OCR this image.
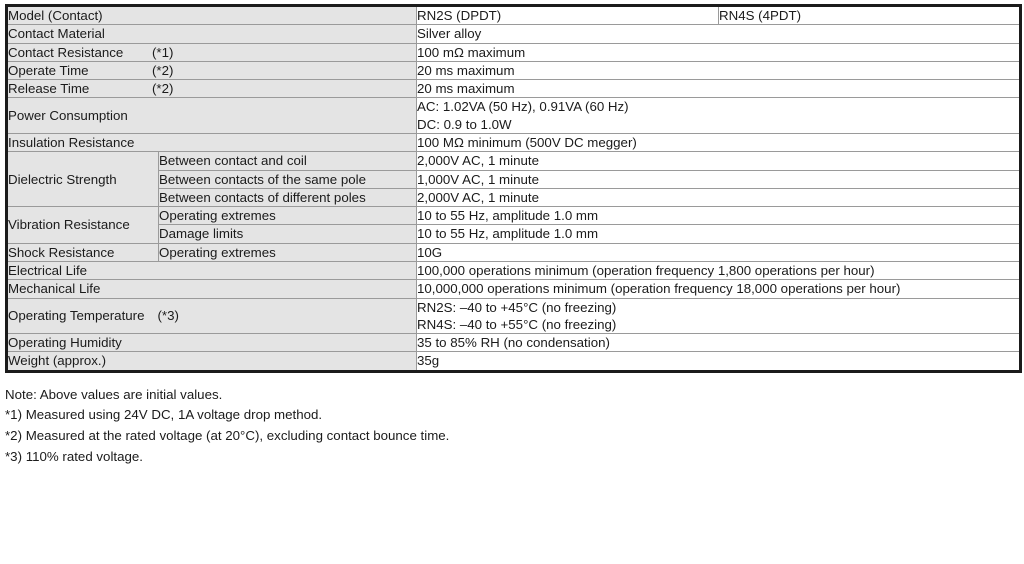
Model (Contact)		RN2S (DPDT)	RN4S (4PDT)
Contact Material		Silver alloy	

Contact Resistance (*1)		100 mΩ maximum	

Operate Time (*2)		20 ms maximum	

Release Time (*2)		20 ms maximum	
Power Consumption		AC: 1.02VA (50 Hz), 0.91VA (60 Hz)
DC: 0.9 to 1.0W	

Insulation Resistance		100 MΩ minimum (500V DC megger)	
Dielectric Strength	Between contact and coil	2,000V AC, 1 minute	
	Between contacts of the same pole	1,000V AC, 1 minute	
	Between contacts of different poles	2,000V AC, 1 minute	
Vibration Resistance	Operating extremes	10 to 55 Hz, amplitude 1.0 mm	
	Damage limits	10 to 55 Hz, amplitude 1.0 mm	
Shock Resistance	Operating extremes	10G	
Electrical Life		100,000 operations minimum (operation frequency 1,800 operations per hour)	
Mechanical Life		10,000,000 operations minimum (operation frequency 18,000 operations per hour)	
Operating Temperature (*3)		RN2S: –40 to +45°C (no freezing)
RN4S: –40 to +55°C (no freezing)	

Operating Humidity		35 to 85% RH (no condensation)	
Weight (approx.)		35g	
Note: Above values are initial values.
*1) Measured using 24V DC, 1A voltage drop method.
*2) Measured at the rated voltage (at 20°C), excluding contact bounce time.
*3) 110% rated voltage.
